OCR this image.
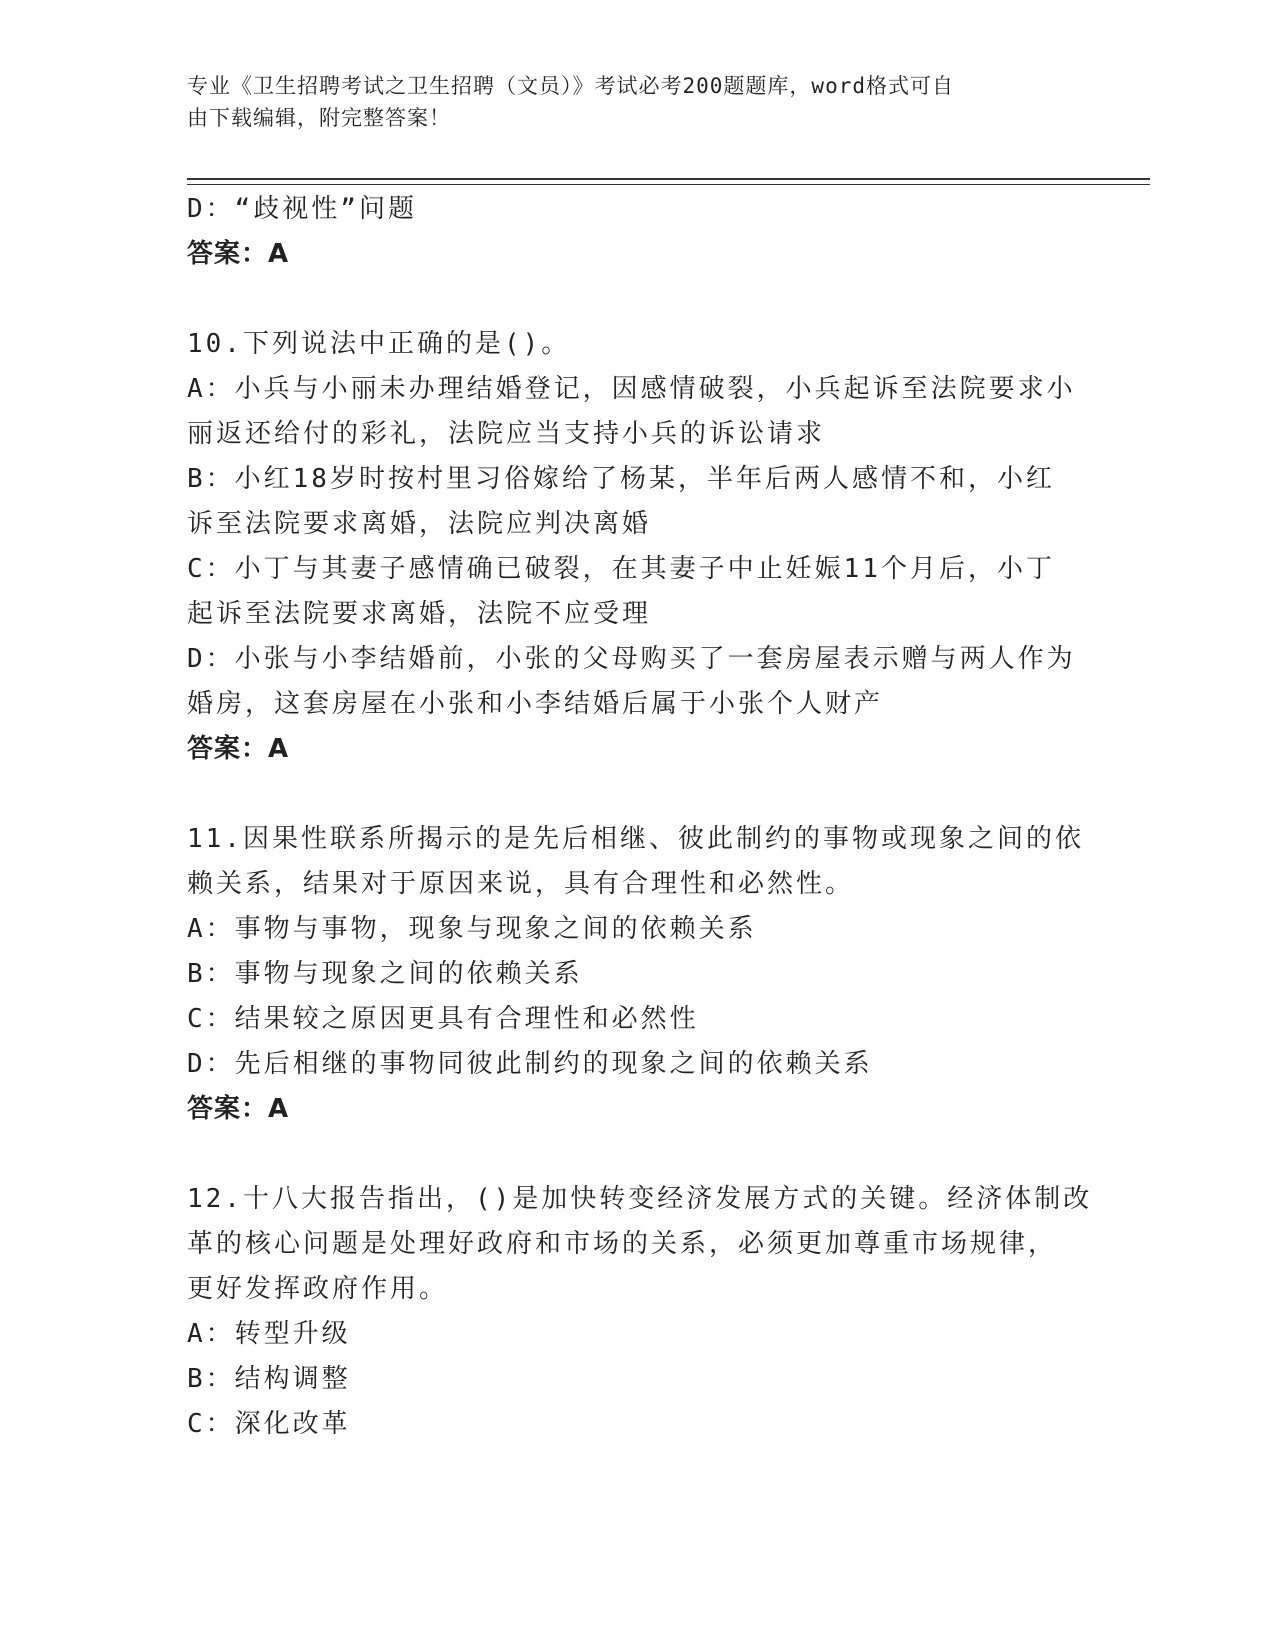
专业《卫生招聘考试之卫生招聘（文员）》考试必考200题题库，word格式可自
由下载编辑，附完整答案！

D：“歧视性”问题

答案：A

10.下列说法中正确的是()。

A：小兵与小丽未办理结婚登记，因感情破裂，小兵起诉至法院要求小

丽返还给付的彩礼，法院应当支持小兵的诉讼请求

B：小红18岁时按村里习俗嫁给了杨某，半年后两人感情不和，小红

诉至法院要求离婚，法院应判决离婚

C：小丁与其妻子感情确已破裂，在其妻子中止妊娠11个月后，小丁

起诉至法院要求离婚，法院不应受理

D：小张与小李结婚前，小张的父母购买了一套房屋表示赠与两人作为

婚房，这套房屋在小张和小李结婚后属于小张个人财产

答案：A

11.因果性联系所揭示的是先后相继、彼此制约的事物或现象之间的依

赖关系，结果对于原因来说，具有合理性和必然性。

A：事物与事物，现象与现象之间的依赖关系

B：事物与现象之间的依赖关系

C：结果较之原因更具有合理性和必然性

D：先后相继的事物同彼此制约的现象之间的依赖关系

答案：A

12.十八大报告指出，()是加快转变经济发展方式的关键。经济体制改

革的核心问题是处理好政府和市场的关系，必须更加尊重市场规律，

更好发挥政府作用。

A：转型升级

B：结构调整

C：深化改革
